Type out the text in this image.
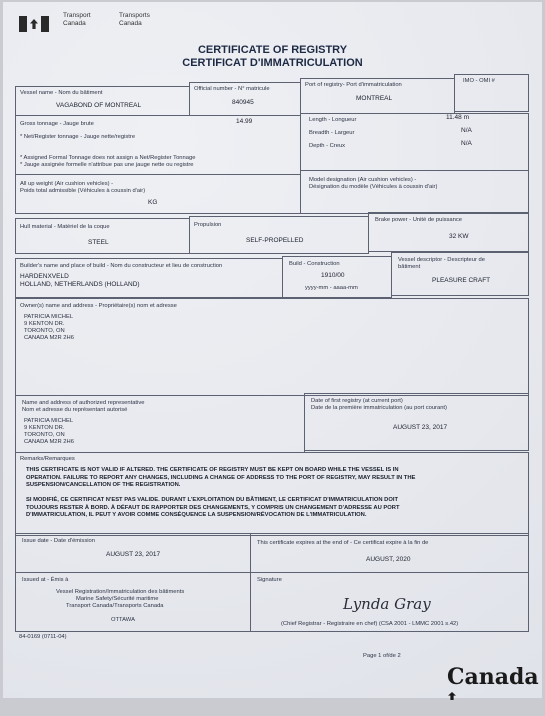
Transport
Canada
Transports
Canada
CERTIFICATE OF REGISTRY
CERTIFICAT D'IMMATRICULATION
Vessel name - Nom du bâtiment
VAGABOND OF MONTREAL
Official number - N° matricule
840945
Port of registry- Port d'immatriculation
MONTREAL
IMO - OMI #
Gross tonnage - Jauge brute	14.99
* Net/Register tonnage - Jauge nette/registre
* Assigned Formal Tonnage does not assign a Net/Register Tonnage
* Jauge assignée formelle n'attribue pas une jauge nette ou registre
Length - Longueur	11.48 m
Breadth - Largeur	N/A
Depth - Creux	N/A
All up weight (Air cushion vehicles) -
Poids total admissible (Véhicules à coussin d'air)
KG
Model designation (Air cushion vehicles) -
Désignation du modèle (Véhicules à coussin d'air)
Hull material - Matériel de la coque
STEEL
Propulsion
SELF-PROPELLED
Brake power - Unité de puissance
32 KW
Builder's name and place of build - Nom du constructeur et lieu de construction
HARDENXVELD
HOLLAND, NETHERLANDS (HOLLAND)
Build - Construction
1910/00
yyyy-mm - aaaa-mm
Vessel descriptor - Descripteur de
bâtiment
PLEASURE CRAFT
Owner(s) name and address - Propriétaire(s) nom et adresse
PATRICIA MICHEL
9 KENTON DR.
TORONTO, ON
CANADA M2R 2H6
Name and address of authorized representative
Nom et adresse du représentant autorisé
PATRICIA MICHEL
9 KENTON DR.
TORONTO, ON
CANADA M2R 2H6
Date of first registry (at current port)
Date de la première immatriculation (au port courant)
AUGUST 23, 2017
Remarks/Remarques
THIS CERTIFICATE IS NOT VALID IF ALTERED. THE CERTIFICATE OF REGISTRY MUST BE KEPT ON BOARD WHILE THE VESSEL IS IN
OPERATION. FAILURE TO REPORT ANY CHANGES, INCLUDING A CHANGE OF ADDRESS TO THE PORT OF REGISTRY, MAY RESULT IN THE
SUSPENSION/CANCELLATION OF THE REGISTRATION.
SI MODIFIÉ, CE CERTIFICAT N'EST PAS VALIDE. DURANT L'EXPLOITATION DU BÂTIMENT, LE CERTIFICAT D'IMMATRICULATION DOIT
TOUJOURS RESTER À BORD. À DÉFAUT DE RAPPORTER DES CHANGEMENTS, Y COMPRIS UN CHANGEMENT D'ADRESSE AU PORT
D'IMMATRICULATION, IL PEUT Y AVOIR COMME CONSÉQUENCE LA SUSPENSION/RÉVOCATION DE L'IMMATRICULATION.
Issue date - Date d'émission
AUGUST 23, 2017
This certificate expires at the end of - Ce certificat expire à la fin de
AUGUST, 2020
Issued at - Émis à
Vessel Registration/Immatriculation des bâtiments
Marine Safety/Sécurité maritime
Transport Canada/Transports Canada
OTTAWA
Signature
Lynda Gray
(Chief Registrar - Registraire en chef) (CSA 2001 - LMMC 2001 s.42)
84-0169 (0711-04)
Page 1 of/de 2
Canada
